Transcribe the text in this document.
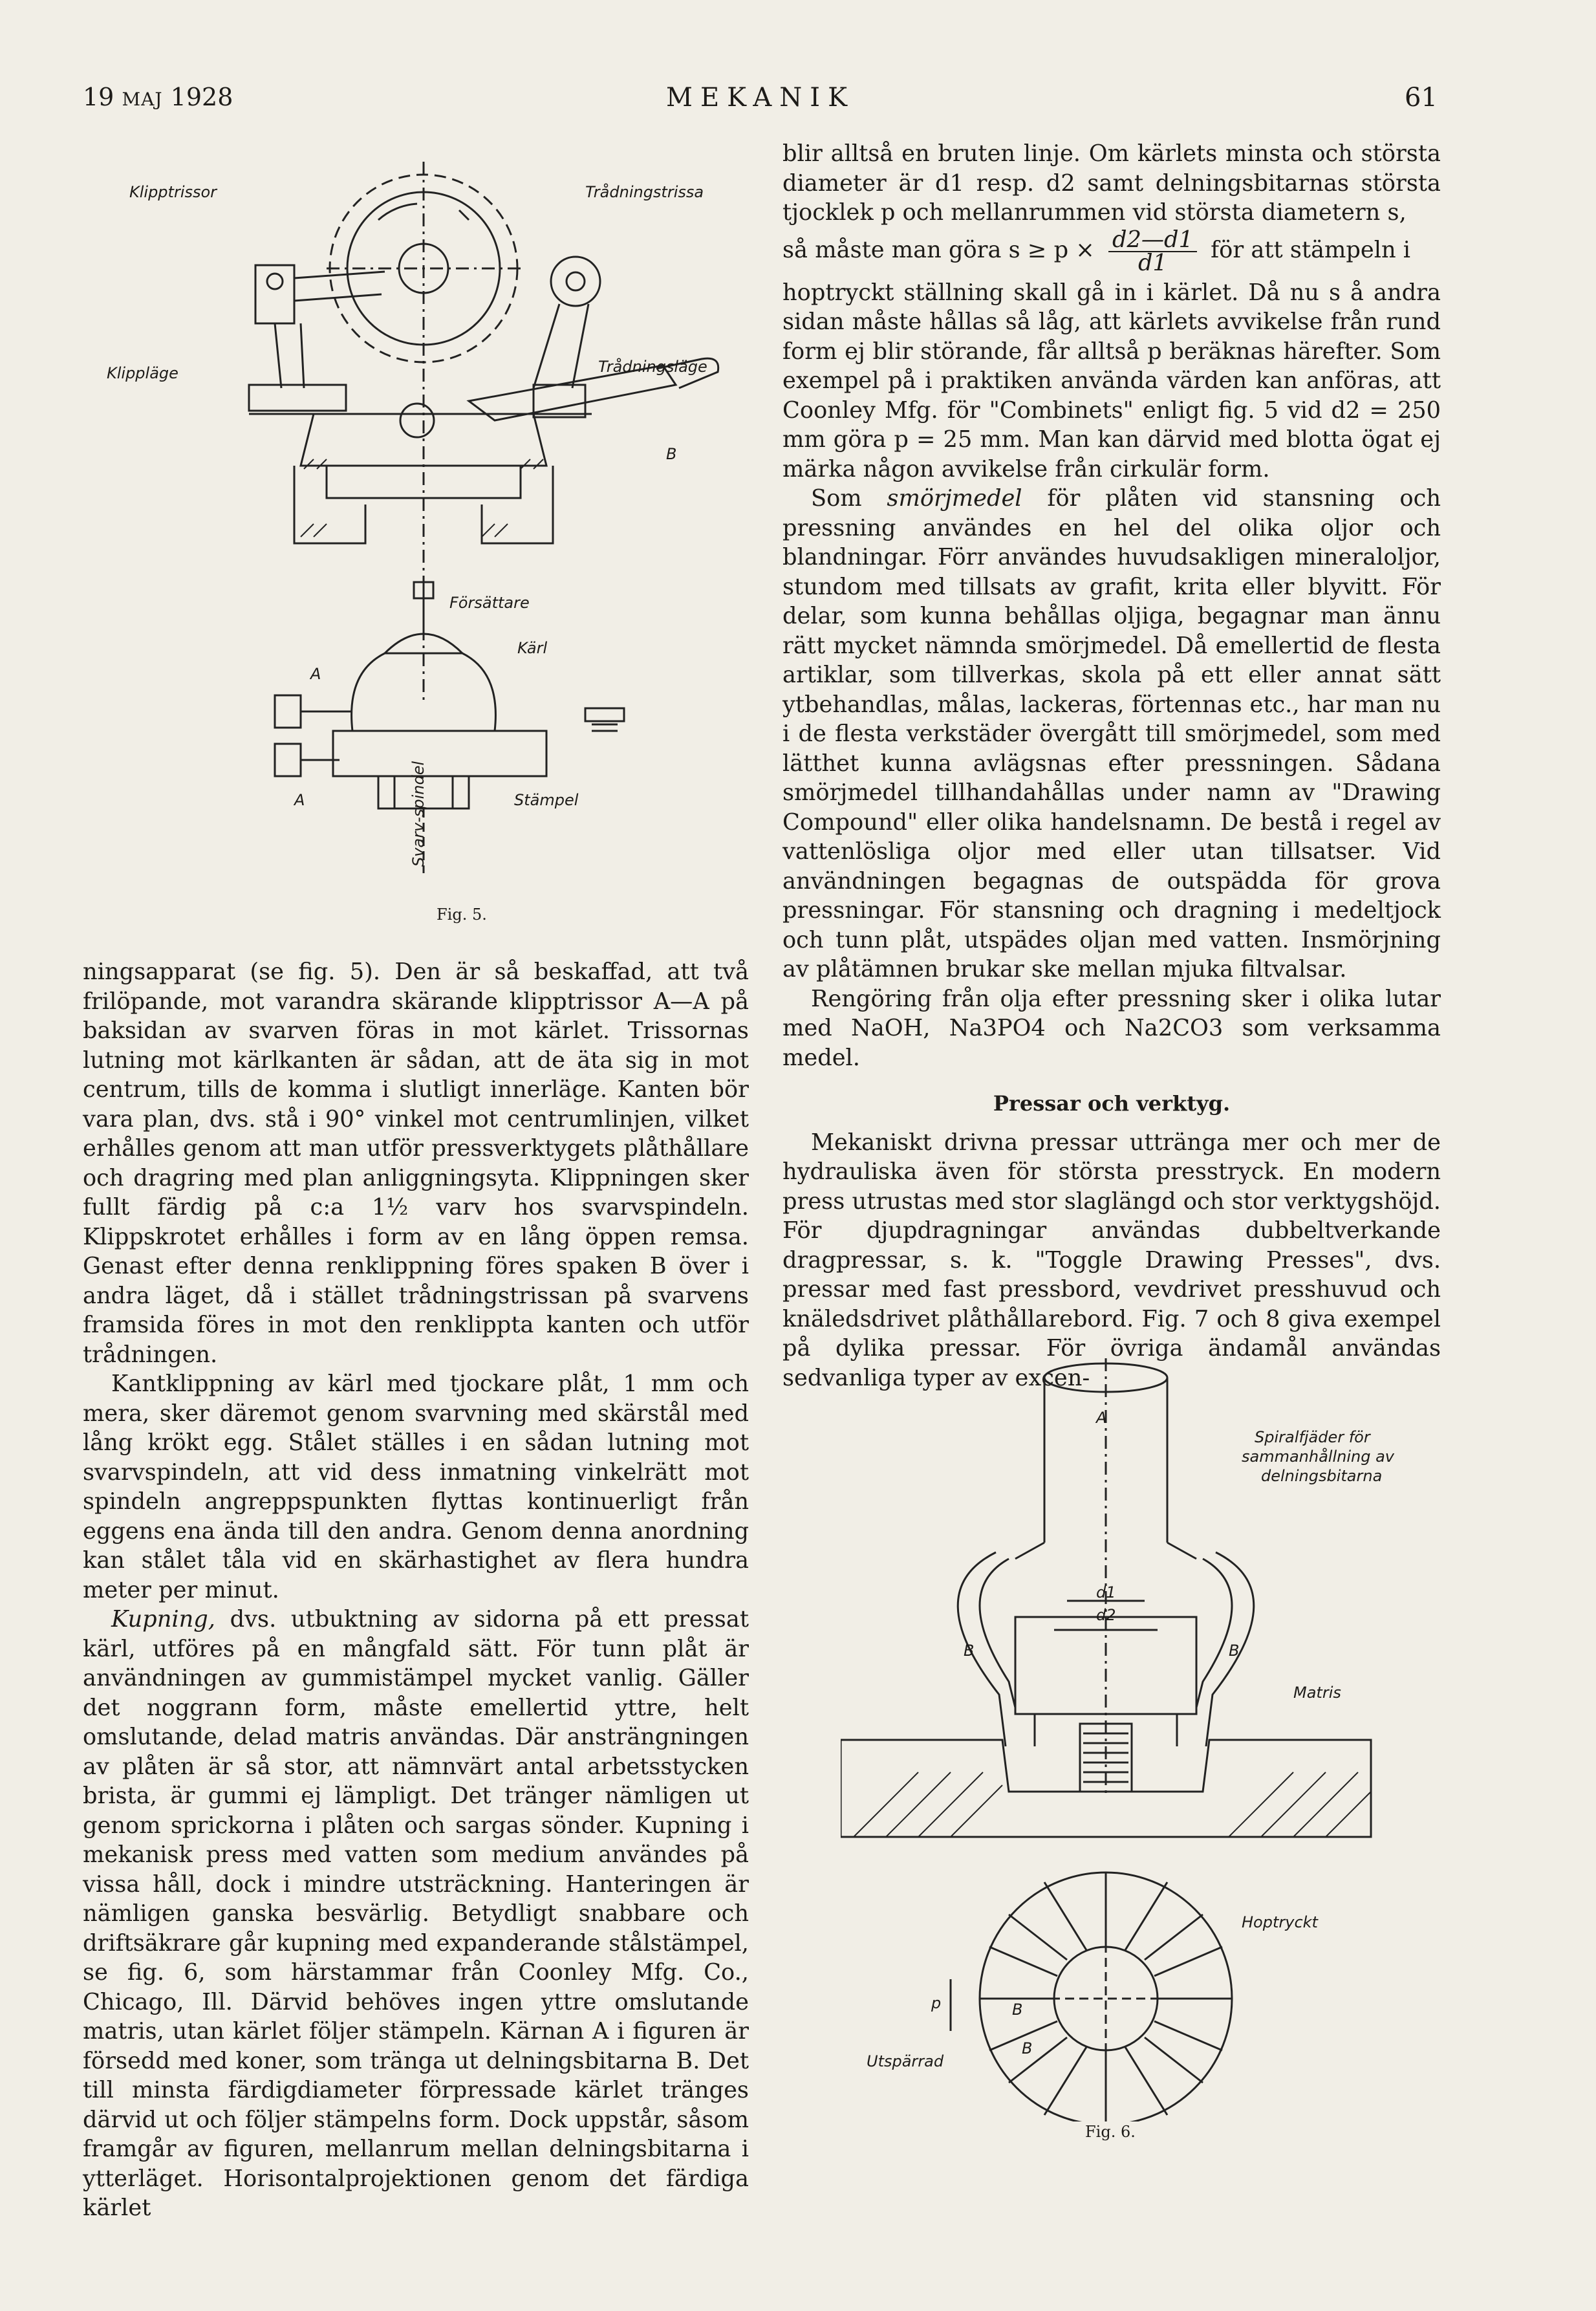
19 MAJ 1928	MEKANIK	61
Klipptrissor	Trådningstrissa
Klippläge	Trådningsläge
B
Försättare
Kärl
A
A	Stämpel
Svarv-spindel
Fig. 5.

ningsapparat (se fig. 5). Den är så beskaffad, att två frilöpande, mot varandra skärande klipptrissor A—A på baksidan av svarven föras in mot kärlet. Trissornas lutning mot kärlkanten är sådan, att de äta sig in mot centrum, tills de komma i slutligt innerläge. Kanten bör vara plan, dvs. stå i 90° vinkel mot centrumlinjen, vilket erhålles genom att man utför pressverktygets plåthållare och dragring med plan anliggningsyta. Klippningen sker fullt färdig på c:a 1½ varv hos svarvspindeln. Klippskrotet erhålles i form av en lång öppen remsa. Genast efter denna renklippning föres spaken B över i andra läget, då i stället trådningstrissan på svarvens framsida föres in mot den renklippta kanten och utför trådningen.

Kantklippning av kärl med tjockare plåt, 1 mm och mera, sker däremot genom svarvning med skärstål med lång krökt egg. Stålet ställes i en sådan lutning mot svarvspindeln, att vid dess inmatning vinkelrätt mot spindeln angreppspunkten flyttas kontinuerligt från eggens ena ända till den andra. Genom denna anordning kan stålet tåla vid en skärhastighet av flera hundra meter per minut.

Kupning, dvs. utbuktning av sidorna på ett pressat kärl, utföres på en mångfald sätt. För tunn plåt är användningen av gummistämpel mycket vanlig. Gäller det noggrann form, måste emellertid yttre, helt omslutande, delad matris användas. Där ansträngningen av plåten är så stor, att nämnvärt antal arbetsstycken brista, är gummi ej lämpligt. Det tränger nämligen ut genom sprickorna i plåten och sargas sönder. Kupning i mekanisk press med vatten som medium användes på vissa håll, dock i mindre utsträckning. Hanteringen är nämligen ganska besvärlig. Betydligt snabbare och driftsäkrare går kupning med expanderande stålstämpel, se fig. 6, som härstammar från Coonley Mfg. Co., Chicago, Ill. Därvid behöves ingen yttre omslutande matris, utan kärlet följer stämpeln. Kärnan A i figuren är försedd med koner, som tränga ut delningsbitarna B. Det till minsta färdigdiameter förpressade kärlet tränges därvid ut och följer stämpelns form. Dock uppstår, såsom framgår av figuren, mellanrum mellan delningsbitarna i ytterläget. Horisontalprojektionen genom det färdiga kärlet

blir alltså en bruten linje. Om kärlets minsta och största diameter är d1 resp. d2 samt delningsbitarnas största tjocklek p och mellanrummen vid största diametern s,

så måste man göra $s \ge p \times \frac{d2—d1}{d1}$ för att stämpeln i

hoptryckt ställning skall gå in i kärlet. Då nu s å andra sidan måste hållas så låg, att kärlets avvikelse från rund form ej blir störande, får alltså p beräknas härefter. Som exempel på i praktiken använda värden kan anföras, att Coonley Mfg. för "Combinets" enligt fig. 5 vid d2 = 250 mm göra p = 25 mm. Man kan därvid med blotta ögat ej märka någon avvikelse från cirkulär form.

Som smörjmedel för plåten vid stansning och pressning användes en hel del olika oljor och blandningar. Förr användes huvudsakligen mineraloljor, stundom med tillsats av grafit, krita eller blyvitt. För delar, som kunna behållas oljiga, begagnar man ännu rätt mycket nämnda smörjmedel. Då emellertid de flesta artiklar, som tillverkas, skola på ett eller annat sätt ytbehandlas, målas, lackeras, förtennas etc., har man nu i de flesta verkstäder övergått till smörjmedel, som med lätthet kunna avlägsnas efter pressningen. Sådana smörjmedel tillhandahållas under namn av "Drawing Compound" eller olika handelsnamn. De bestå i regel av vattenlösliga oljor med eller utan tillsatser. Vid användningen begagnas de outspädda för grova pressningar. För stansning och dragning i medeltjock och tunn plåt, utspädes oljan med vatten. Insmörjning av plåtämnen brukar ske mellan mjuka filtvalsar.

Rengöring från olja efter pressning sker i olika lutar med NaOH, Na3PO4 och Na2CO3 som verksamma medel.

Pressar och verktyg.

Mekaniskt drivna pressar uttränga mer och mer de hydrauliska även för största presstryck. En modern press utrustas med stor slaglängd och stor verktygshöjd. För djupdragningar användas dubbeltverkande dragpressar, s. k. "Toggle Drawing Presses", dvs. pressar med fast pressbord, vevdrivet presshuvud och knäledsdrivet plåthållarebord. Fig. 7 och 8 giva exempel på dylika pressar. För övriga ändamål användas sedvanliga typer av excen-

A
d1
d2
B	B
Spiralfjäder för
sammanhållning av
delningsbitarna
Matris
Hoptryckt
p	B
B
Utspärrad
Fig. 6.
